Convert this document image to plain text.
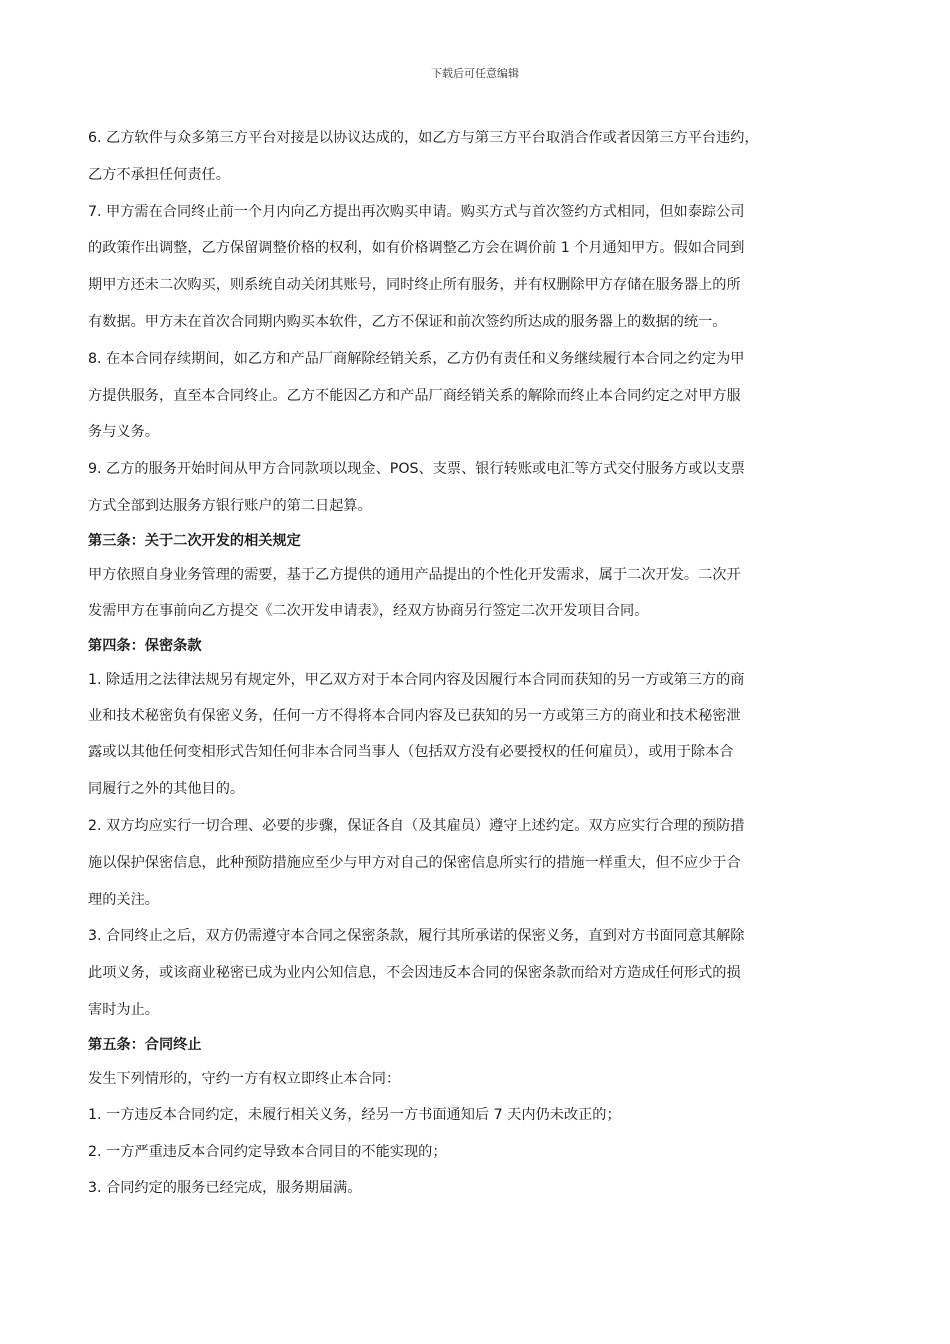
下载后可任意编辑
6. 乙方软件与众多第三方平台对接是以协议达成的，如乙方与第三方平台取消合作或者因第三方平台违约，
乙方不承担任何责任。
7. 甲方需在合同终止前一个月内向乙方提出再次购买申请。购买方式与首次签约方式相同，但如泰踪公司
的政策作出调整，乙方保留调整价格的权利，如有价格调整乙方会在调价前 1 个月通知甲方。假如合同到
期甲方还未二次购买，则系统自动关闭其账号，同时终止所有服务，并有权删除甲方存储在服务器上的所
有数据。甲方未在首次合同期内购买本软件，乙方不保证和前次签约所达成的服务器上的数据的统一。
8. 在本合同存续期间，如乙方和产品厂商解除经销关系，乙方仍有责任和义务继续履行本合同之约定为甲
方提供服务，直至本合同终止。乙方不能因乙方和产品厂商经销关系的解除而终止本合同约定之对甲方服
务与义务。
9. 乙方的服务开始时间从甲方合同款项以现金、POS、支票、银行转账或电汇等方式交付服务方或以支票
方式全部到达服务方银行账户的第二日起算。
第三条：关于二次开发的相关规定
甲方依照自身业务管理的需要，基于乙方提供的通用产品提出的个性化开发需求，属于二次开发。二次开
发需甲方在事前向乙方提交《二次开发申请表》，经双方协商另行签定二次开发项目合同。
第四条：保密条款
1. 除适用之法律法规另有规定外，甲乙双方对于本合同内容及因履行本合同而获知的另一方或第三方的商
业和技术秘密负有保密义务，任何一方不得将本合同内容及已获知的另一方或第三方的商业和技术秘密泄
露或以其他任何变相形式告知任何非本合同当事人（包括双方没有必要授权的任何雇员），或用于除本合
同履行之外的其他目的。
2. 双方均应实行一切合理、必要的步骤，保证各自（及其雇员）遵守上述约定。双方应实行合理的预防措
施以保护保密信息，此种预防措施应至少与甲方对自己的保密信息所实行的措施一样重大，但不应少于合
理的关注。
3. 合同终止之后，双方仍需遵守本合同之保密条款，履行其所承诺的保密义务，直到对方书面同意其解除
此项义务，或该商业秘密已成为业内公知信息，不会因违反本合同的保密条款而给对方造成任何形式的损
害时为止。
第五条：合同终止
发生下列情形的，守约一方有权立即终止本合同：
1. 一方违反本合同约定，未履行相关义务，经另一方书面通知后 7 天内仍未改正的；
2. 一方严重违反本合同约定导致本合同目的不能实现的；
3. 合同约定的服务已经完成，服务期届满。
